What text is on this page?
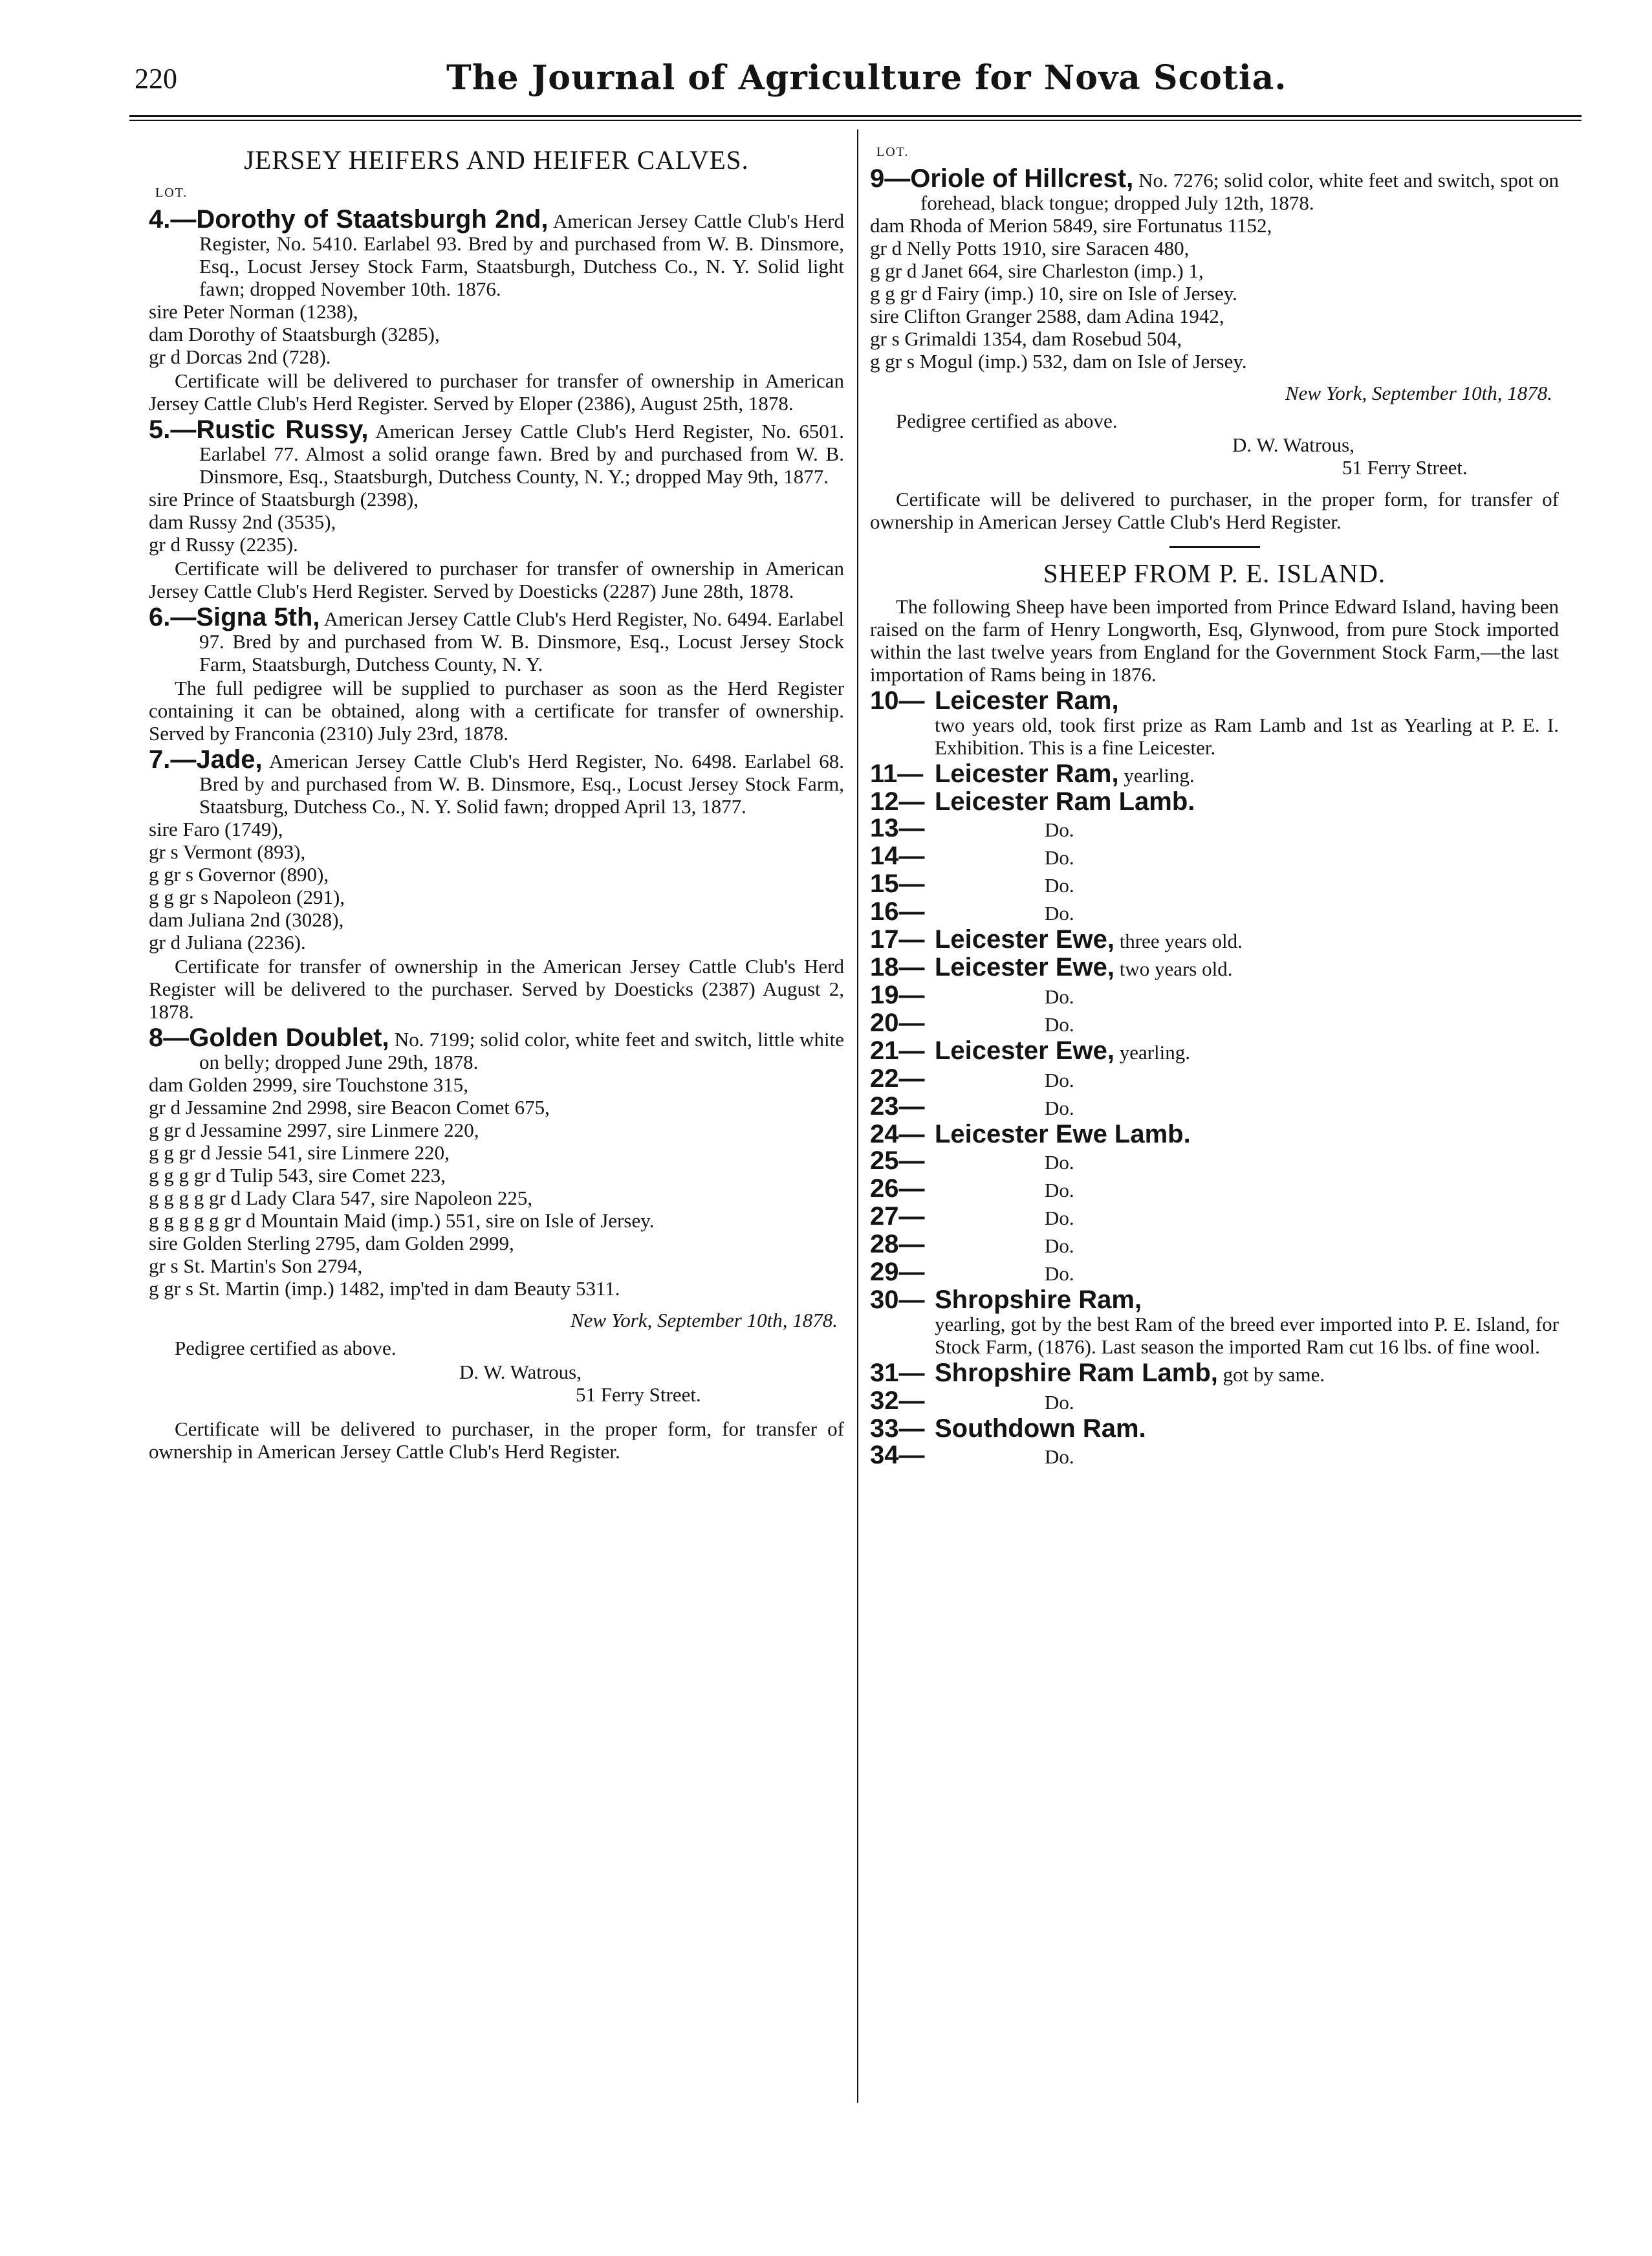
220	The Journal of Agriculture for Nova Scotia.
JERSEY HEIFERS AND HEIFER CALVES.
LOT.
4.—Dorothy of Staatsburgh 2nd, American Jersey Cattle Club's Herd Register, No. 5410. Earlabel 93. Bred by and purchased from W. B. Dinsmore, Esq., Locust Jersey Stock Farm, Staatsburgh, Dutchess Co., N. Y. Solid light fawn; dropped November 10th. 1876.
sire Peter Norman (1238),
dam Dorothy of Staatsburgh (3285),
gr d Dorcas 2nd (728).
Certificate will be delivered to purchaser for transfer of ownership in American Jersey Cattle Club's Herd Register. Served by Eloper (2386), August 25th, 1878.
5.—Rustic Russy, American Jersey Cattle Club's Herd Register, No. 6501. Earlabel 77. Almost a solid orange fawn. Bred by and purchased from W. B. Dinsmore, Esq., Staatsburgh, Dutchess County, N. Y.; dropped May 9th, 1877.
sire Prince of Staatsburgh (2398),
dam Russy 2nd (3535),
gr d Russy (2235).
Certificate will be delivered to purchaser for transfer of ownership in American Jersey Cattle Club's Herd Register. Served by Doesticks (2287) June 28th, 1878.
6.—Signa 5th, American Jersey Cattle Club's Herd Register, No. 6494. Earlabel 97. Bred by and purchased from W. B. Dinsmore, Esq., Locust Jersey Stock Farm, Staatsburgh, Dutchess County, N. Y.
The full pedigree will be supplied to purchaser as soon as the Herd Register containing it can be obtained, along with a certificate for transfer of ownership. Served by Franconia (2310) July 23rd, 1878.
7.—Jade, American Jersey Cattle Club's Herd Register, No. 6498. Earlabel 68. Bred by and purchased from W. B. Dinsmore, Esq., Locust Jersey Stock Farm, Staatsburg, Dutchess Co., N. Y. Solid fawn; dropped April 13, 1877.
sire Faro (1749),
gr s Vermont (893),
g gr s Governor (890),
g g gr s Napoleon (291),
dam Juliana 2nd (3028),
gr d Juliana (2236).
Certificate for transfer of ownership in the American Jersey Cattle Club's Herd Register will be delivered to the purchaser. Served by Doesticks (2387) August 2, 1878.
8—Golden Doublet, No. 7199; solid color, white feet and switch, little white on belly; dropped June 29th, 1878.
dam Golden 2999, sire Touchstone 315,
gr d Jessamine 2nd 2998, sire Beacon Comet 675,
g gr d Jessamine 2997, sire Linmere 220,
g g gr d Jessie 541, sire Linmere 220,
g g g gr d Tulip 543, sire Comet 223,
g g g g gr d Lady Clara 547, sire Napoleon 225,
g g g g g gr d Mountain Maid (imp.) 551, sire on Isle of Jersey.
sire Golden Sterling 2795, dam Golden 2999,
gr s St. Martin's Son 2794,
g gr s St. Martin (imp.) 1482, imp'ted in dam Beauty 5311.
New York, September 10th, 1878.
Pedigree certified as above.
D. W. Watrous,
51 Ferry Street.
Certificate will be delivered to purchaser, in the proper form, for transfer of ownership in American Jersey Cattle Club's Herd Register.
LOT.
9—Oriole of Hillcrest, No. 7276; solid color, white feet and switch, spot on forehead, black tongue; dropped July 12th, 1878.
dam Rhoda of Merion 5849, sire Fortunatus 1152,
gr d Nelly Potts 1910, sire Saracen 480,
g gr d Janet 664, sire Charleston (imp.) 1,
g g gr d Fairy (imp.) 10, sire on Isle of Jersey.
sire Clifton Granger 2588, dam Adina 1942,
gr s Grimaldi 1354, dam Rosebud 504,
g gr s Mogul (imp.) 532, dam on Isle of Jersey.
New York, September 10th, 1878.
Pedigree certified as above.
D. W. Watrous,
51 Ferry Street.
Certificate will be delivered to purchaser, in the proper form, for transfer of ownership in American Jersey Cattle Club's Herd Register.
SHEEP FROM P. E. ISLAND.
The following Sheep have been imported from Prince Edward Island, having been raised on the farm of Henry Longworth, Esq, Glynwood, from pure Stock imported within the last twelve years from England for the Government Stock Farm,—the last importation of Rams being in 1876.
10— Leicester Ram,
two years old, took first prize as Ram Lamb and 1st as Yearling at P. E. I. Exhibition. This is a fine Leicester.
11— Leicester Ram,
yearling.
12— Leicester Ram Lamb.
13—	Do.
14—	Do.
15—	Do.
16—	Do.
17— Leicester Ewe,
three years old.
18— Leicester Ewe,
two years old.
19—	Do.
20—	Do.
21— Leicester Ewe,
yearling.
22—	Do.
23—	Do.
24— Leicester Ewe Lamb.
25—	Do.
26—	Do.
27—	Do.
28—	Do.
29—	Do.
30— Shropshire Ram,
yearling, got by the best Ram of the breed ever imported into P. E. Island, for Stock Farm, (1876). Last season the imported Ram cut 16 lbs. of fine wool.
31— Shropshire Ram Lamb,
got by same.
32—	Do.
33— Southdown Ram.
34—	Do.
